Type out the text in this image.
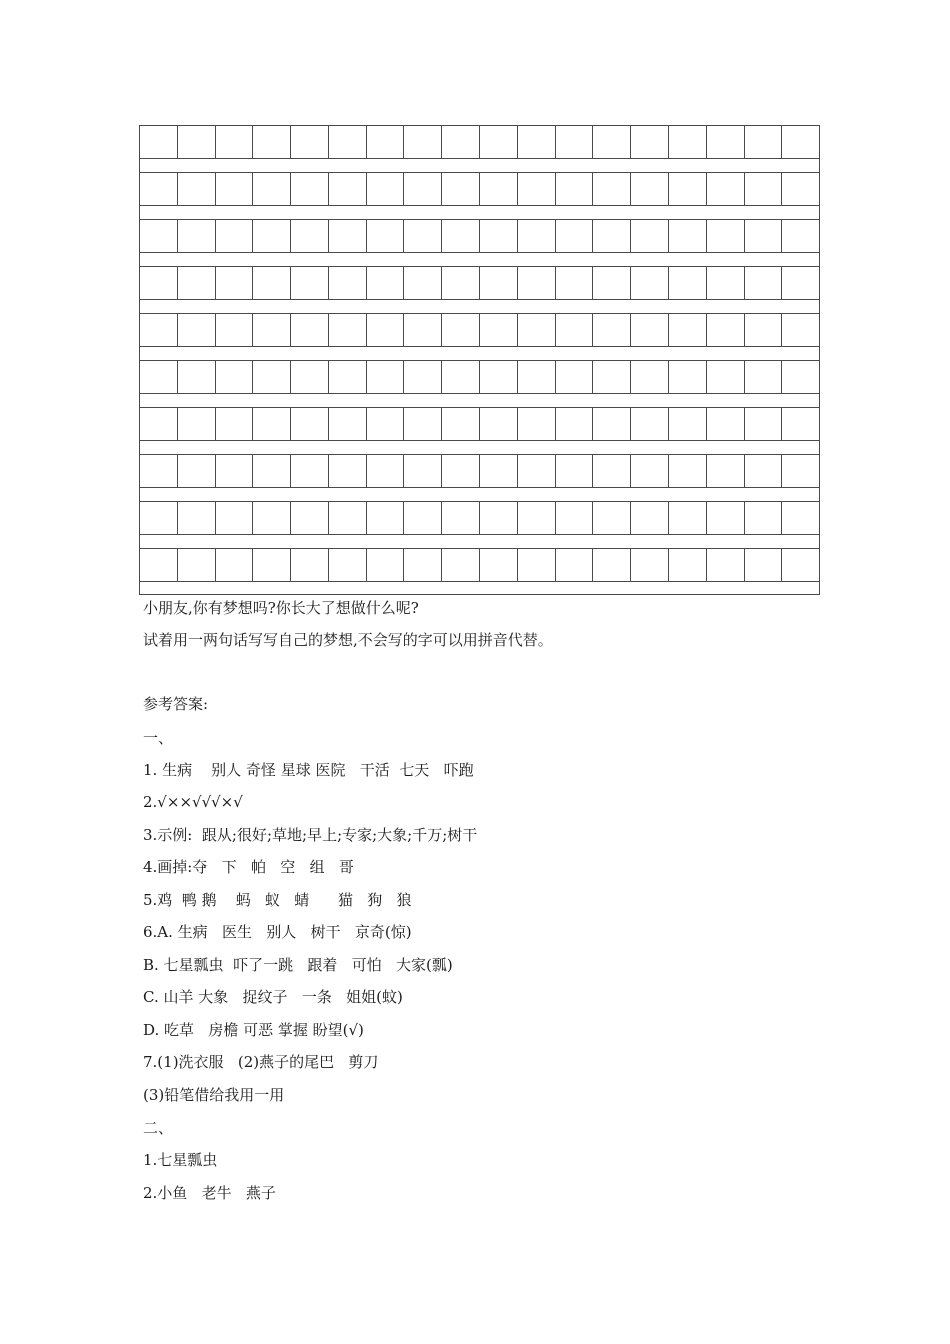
小朋友,你有梦想吗?你长大了想做什么呢?

试着用一两句话写写自己的梦想,不会写的字可以用拼音代替。

参考答案:

一、

1. 生病    别人 奇怪 星球 医院   干活  七天   吓跑

2.√××√√√×√

3.示例:  跟从;很好;草地;早上;专家;大象;千万;树干

4.画掉:夺   下   帕   空   组   哥

5.鸡  鸭 鹅    蚂   蚁   蜻      猫   狗   狼

6.A. 生病   医生   别人   树干   京奇(惊)

B. 七星瓢虫  吓了一跳   跟着   可怕   大家(瓢)

C. 山羊 大象   捉纹子   一条   姐姐(蚊)

D. 吃草   房檐 可恶 掌握 盼望(√)

7.(1)洗衣服   (2)燕子的尾巴   剪刀

(3)铅笔借给我用一用

二、

1.七星瓢虫

2.小鱼   老牛   燕子
